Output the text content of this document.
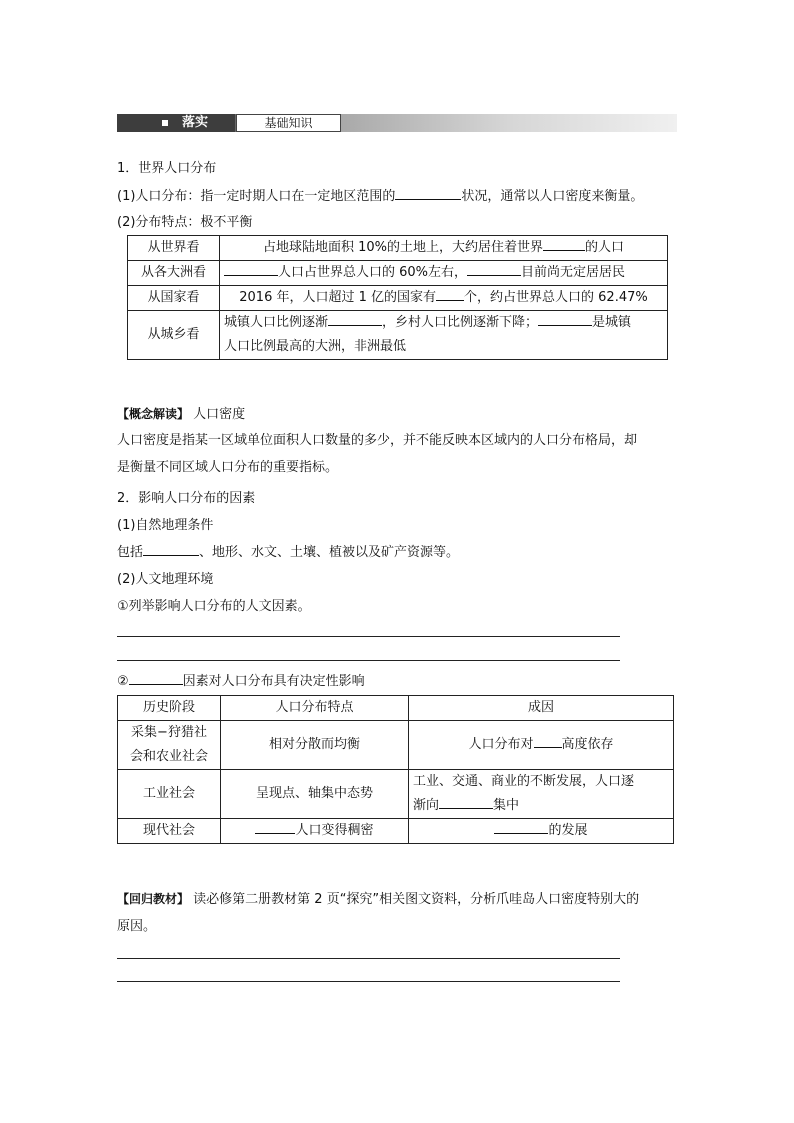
落实	基础知识
1．世界人口分布
(1)人口分布：指一定时期人口在一定地区范围的	状况，通常以人口密度来衡量。
(2)分布特点：极不平衡
从世界看	占地球陆地面积 10%的土地上，大约居住着世界 的人口
从各大洲看	人口占世界总人口的 60%左右， 目前尚无定居居民
从国家看	2016 年，人口超过 1 亿的国家有 个，约占世界总人口的 62.47%
从城乡看	城镇人口比例逐渐 ，乡村人口比例逐渐下降； 是城镇
人口比例最高的大洲，非洲最低
【概念解读】 人口密度
人口密度是指某一区域单位面积人口数量的多少，并不能反映本区域内的人口分布格局，却
是衡量不同区域人口分布的重要指标。
2．影响人口分布的因素
(1)自然地理条件
包括	、地形、水文、土壤、植被以及矿产资源等。
(2)人文地理环境
①列举影响人口分布的人文因素。
②	因素对人口分布具有决定性影响
历史阶段	人口分布特点	成因

采集−狩猎社
会和农业社会	相对分散而均衡	人口分布对 高度依存
工业社会	呈现点、轴集中态势	工业、交通、商业的不断发展，人口逐
渐向 集中

现代社会	人口变得稠密	的发展
【回归教材】 读必修第二册教材第 2 页“探究”相关图文资料，分析爪哇岛人口密度特别大的
原因。
